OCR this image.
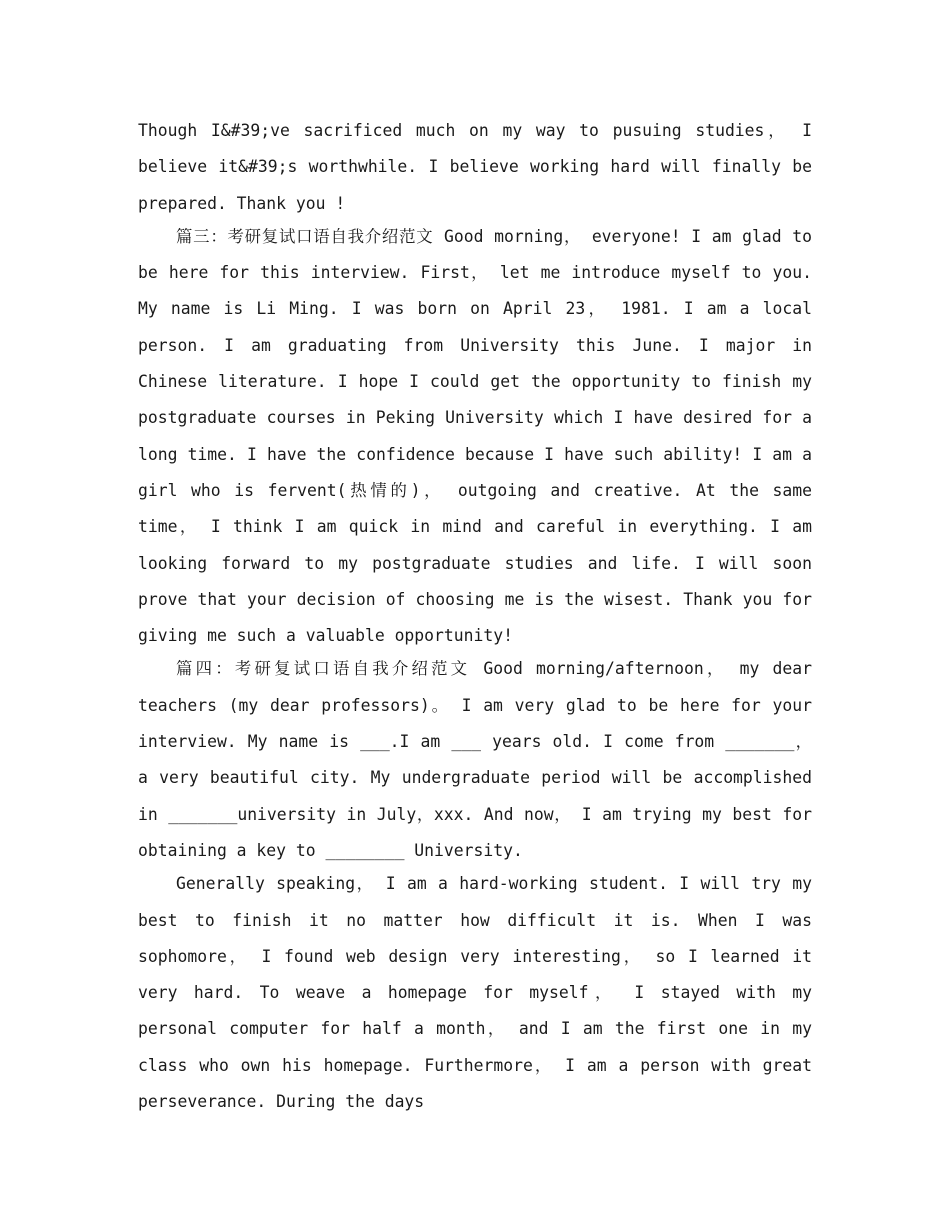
Though I&#39;ve sacrificed much on my way to pusuing studies， I believe it&#39;s worthwhile. I believe working hard will finally be prepared. Thank you !

篇三：考研复试口语自我介绍范文 Good morning， everyone! I am glad to be here for this interview. First， let me introduce myself to you. My name is Li Ming. I was born on April 23， 1981. I am a local person. I am graduating from University this June. I major in Chinese literature. I hope I could get the opportunity to finish my postgraduate courses in Peking University which I have desired for a long time. I have the confidence because I have such ability! I am a girl who is fervent(热情的)， outgoing and creative. At the same time， I think I am quick in mind and careful in everything. I am looking forward to my postgraduate studies and life. I will soon prove that your decision of choosing me is the wisest. Thank you for giving me such a valuable opportunity!

篇四：考研复试口语自我介绍范文 Good morning/afternoon， my dear teachers (my dear professors)。 I am very glad to be here for your interview. My name is ___.I am ___ years old. I come from _______， a very beautiful city. My undergraduate period will be accomplished in _______university in July，xxx. And now， I am trying my best for obtaining a key to ________ University.

Generally speaking， I am a hard-working student. I will try my best to finish it no matter how difficult it is. When I was sophomore， I found web design very interesting， so I learned it very hard. To weave a homepage for myself， I stayed with my personal computer for half a month， and I am the first one in my class who own his homepage. Furthermore， I am a person with great perseverance. During the days
